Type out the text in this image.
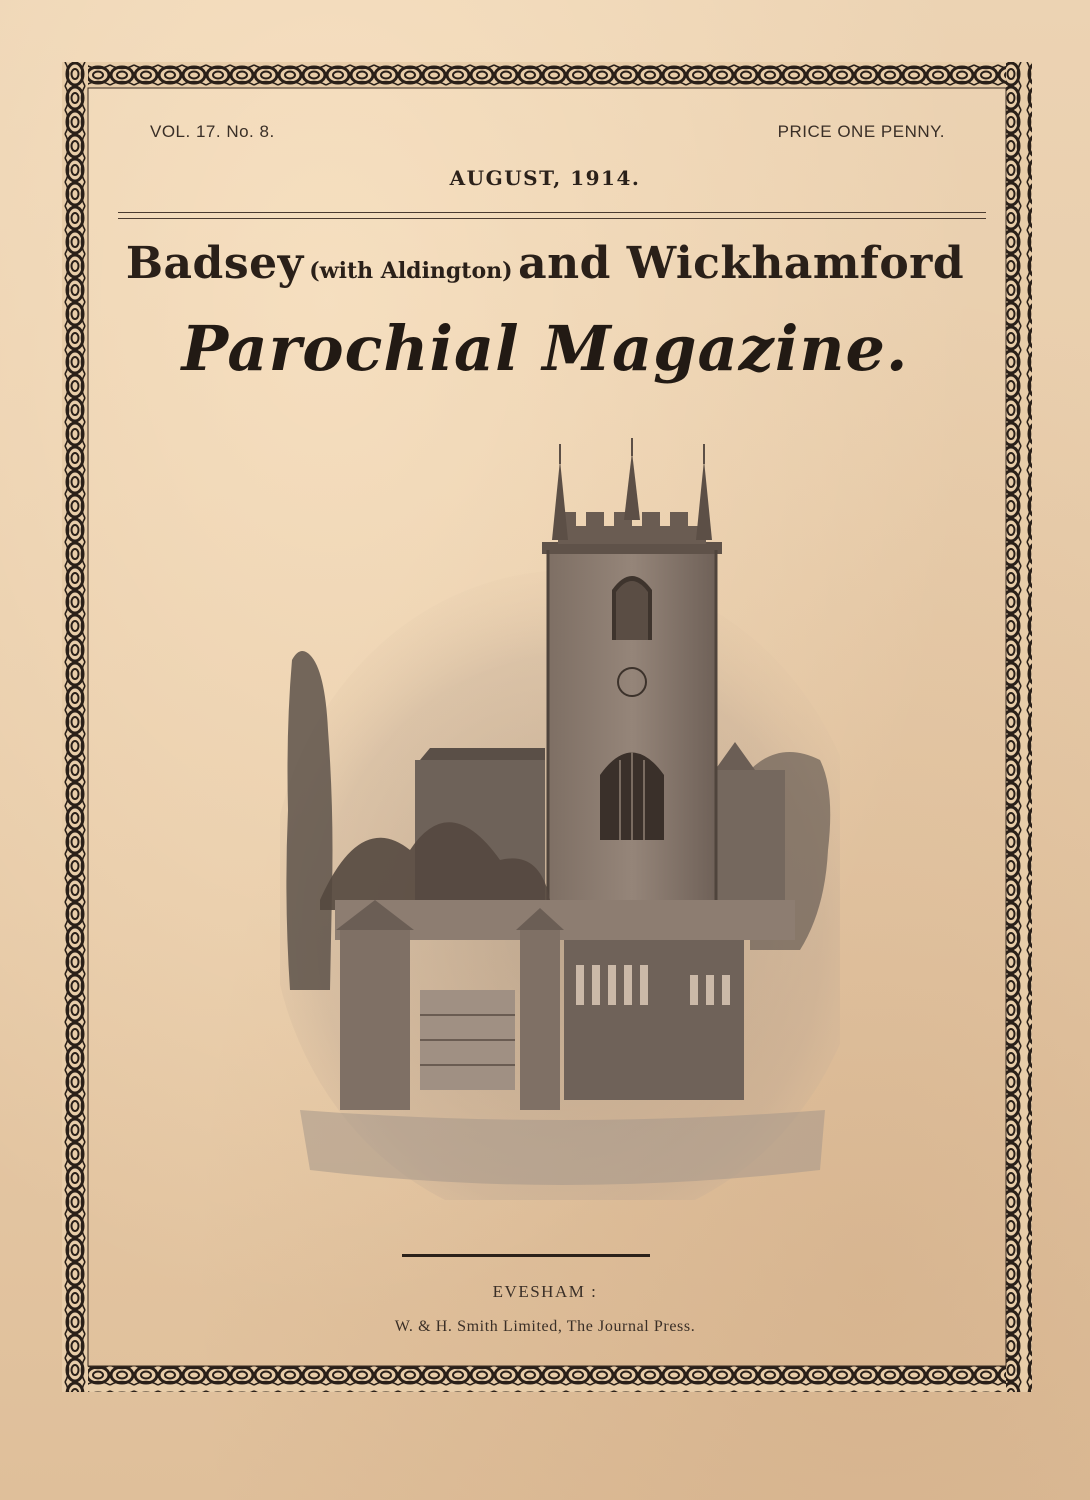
VOL. 17. No. 8.	PRICE ONE PENNY.
AUGUST, 1914.
Badsey (with Aldington) and Wickhamford
Parochial Magazine.
EVESHAM :
W. & H. Smith Limited, The Journal Press.
